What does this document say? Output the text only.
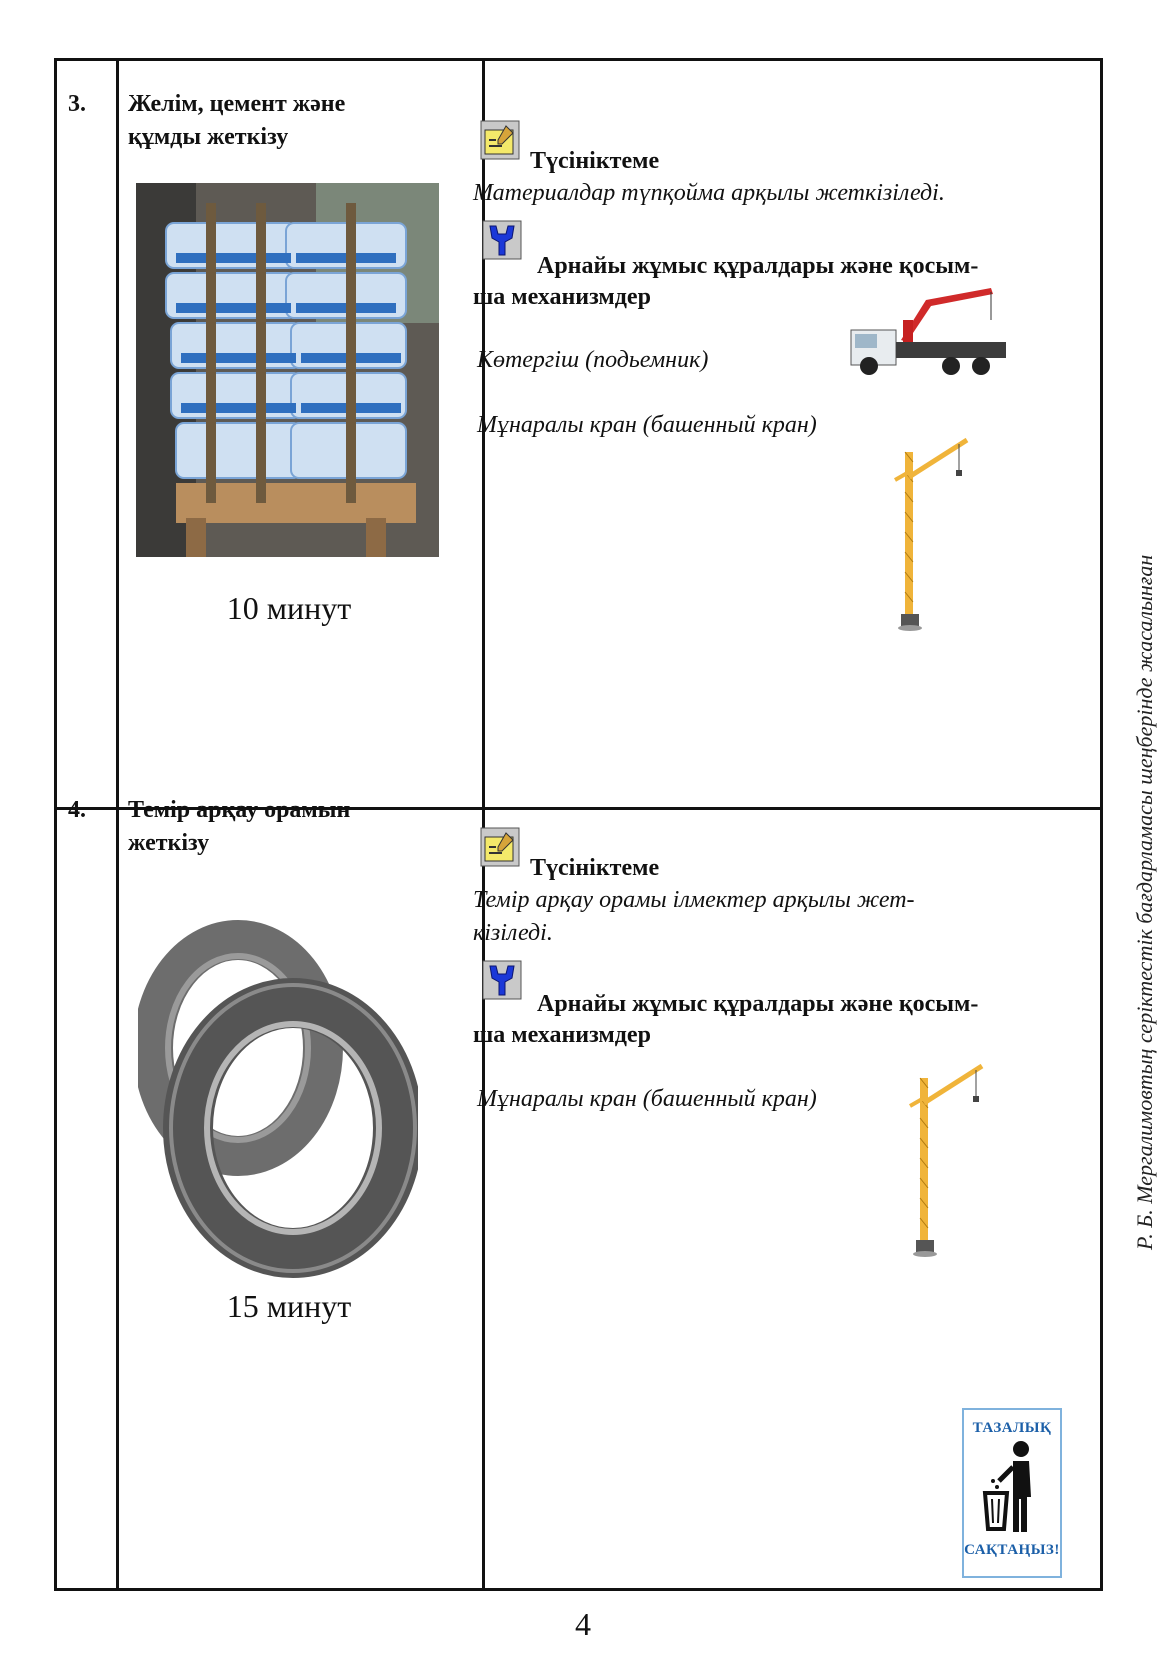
3. Желім, цемент және
құмды жеткізу
10 минут
Түсініктеме
Материалдар түпқойма арқылы жеткізіледі.
Арнайы жұмыс құралдары және қосым-
ша механизмдер
Көтергіш (подьемник)
Мұнаралы кран (башенный кран)
4. Темір арқау орамын
жеткізу
15 минут
Түсініктеме
Темір арқау орамы ілмектер арқылы жет-
кізіледі.
Арнайы жұмыс құралдары және қосым-
ша механизмдер
Мұнаралы кран (башенный кран)
ТАЗАЛЫҚ
САҚТАҢЫЗ!
Р. Б. Мергалимовтың серіктестік бағдарламасы шеңберінде жасалынған
4
